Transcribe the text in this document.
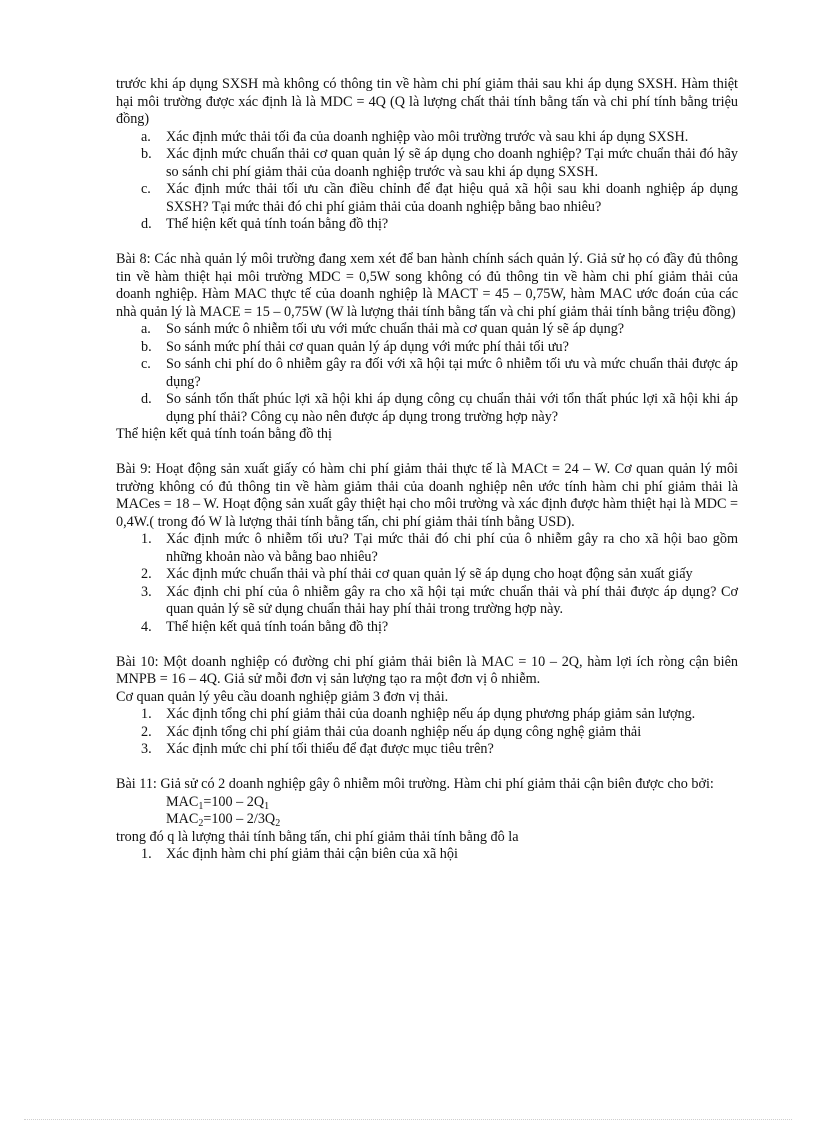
trước khi áp dụng SXSH mà không có thông tin về hàm chi phí giảm thải sau khi áp dụng SXSH. Hàm thiệt hại môi trường được xác định là là MDC = 4Q (Q là lượng chất thải tính bằng tấn và chi phí tính bằng triệu đồng)

a. Xác định mức thải tối đa của doanh nghiệp vào môi trường trước và sau khi áp dụng SXSH.
b. Xác định mức chuẩn thải cơ quan quản lý sẽ áp dụng cho doanh nghiệp? Tại mức chuẩn thải đó hãy so sánh chi phí giảm thải của doanh nghiệp trước và sau khi áp dụng SXSH.
c. Xác định mức thải tối ưu cần điều chỉnh để đạt hiệu quả xã hội sau khi doanh nghiệp áp dụng SXSH? Tại mức thải đó chi phí giảm thải của doanh nghiệp bằng bao nhiêu?
d. Thể hiện kết quả tính toán bằng đồ thị?

Bài 8: Các nhà quản lý môi trường đang xem xét để ban hành chính sách quản lý. Giả sử họ có đầy đủ thông tin về hàm thiệt hại môi trường MDC = 0,5W song không có đủ thông tin về hàm chi phí giảm thải của doanh nghiệp. Hàm MAC thực tế của doanh nghiệp là MACT = 45 – 0,75W, hàm MAC ước đoán của các nhà quản lý là MACE = 15 – 0,75W (W là lượng thải tính bằng tấn và chi phí giảm thải tính bằng triệu đồng)

a. So sánh mức ô nhiễm tối ưu với mức chuẩn thải mà cơ quan quản lý sẽ áp dụng?
b. So sánh mức phí thải cơ quan quản lý áp dụng với mức phí thải tối ưu?
c. So sánh chi phí do ô nhiễm gây ra đối với xã hội tại mức ô nhiễm tối ưu và mức chuẩn thải được áp dụng?
d. So sánh tổn thất phúc lợi xã hội khi áp dụng công cụ chuẩn thải với tổn thất phúc lợi xã hội khi áp dụng phí thải? Công cụ nào nên được áp dụng trong trường hợp này?

Thể hiện kết quả tính toán bằng đồ thị

Bài 9: Hoạt động sản xuất giấy có hàm chi phí giảm thải thực tế là MACt = 24 – W. Cơ quan quản lý môi trường không có đủ thông tin về hàm giảm thải của doanh nghiệp nên ước tính hàm chi phí giảm thải là MACes = 18 – W. Hoạt động sản xuất gây thiệt hại cho môi trường và xác định được hàm thiệt hại là MDC = 0,4W.( trong đó W là lượng thải tính bằng tấn, chi phí giảm thải tính bằng USD).

1. Xác định mức ô nhiễm tối ưu? Tại mức thải đó chi phí của ô nhiễm gây ra cho xã hội bao gồm những khoản nào và bằng bao nhiêu?
2. Xác định mức chuẩn thải và phí thải cơ quan quản lý sẽ áp dụng cho hoạt động sản xuất giấy
3. Xác định chi phí của ô nhiễm gây ra cho xã hội tại mức chuẩn thải và phí thải được áp dụng? Cơ quan quản lý sẽ sử dụng chuẩn thải hay phí thải trong trường hợp này.
4. Thể hiện kết quả tính toán bằng đồ thị?

Bài 10: Một doanh nghiệp có đường chi phí giảm thải biên là MAC = 10 – 2Q, hàm lợi ích ròng cận biên MNPB = 16 – 4Q. Giả sử mỗi đơn vị sản lượng tạo ra một đơn vị ô nhiễm.

Cơ quan quản lý yêu cầu doanh nghiệp giảm 3 đơn vị thải.

1. Xác định tổng chi phí giảm thải của doanh nghiệp nếu áp dụng phương pháp giảm sản lượng.
2. Xác định tổng chi phí giảm thải của doanh nghiệp nếu áp dụng công nghệ giảm thải
3. Xác định mức chi phí tối thiểu để đạt được mục tiêu trên?

Bài 11: Giả sử có 2 doanh nghiệp gây ô nhiễm môi trường. Hàm chi phí giảm thải cận biên được cho bởi:

$MAC_1=100 - 2Q_1$
$MAC_2=100 - 2/3Q_2$

trong đó q là lượng thải tính bằng tấn, chi phí giảm thải tính bằng đô la

1. Xác định hàm chi phí giảm thải cận biên của xã hội
